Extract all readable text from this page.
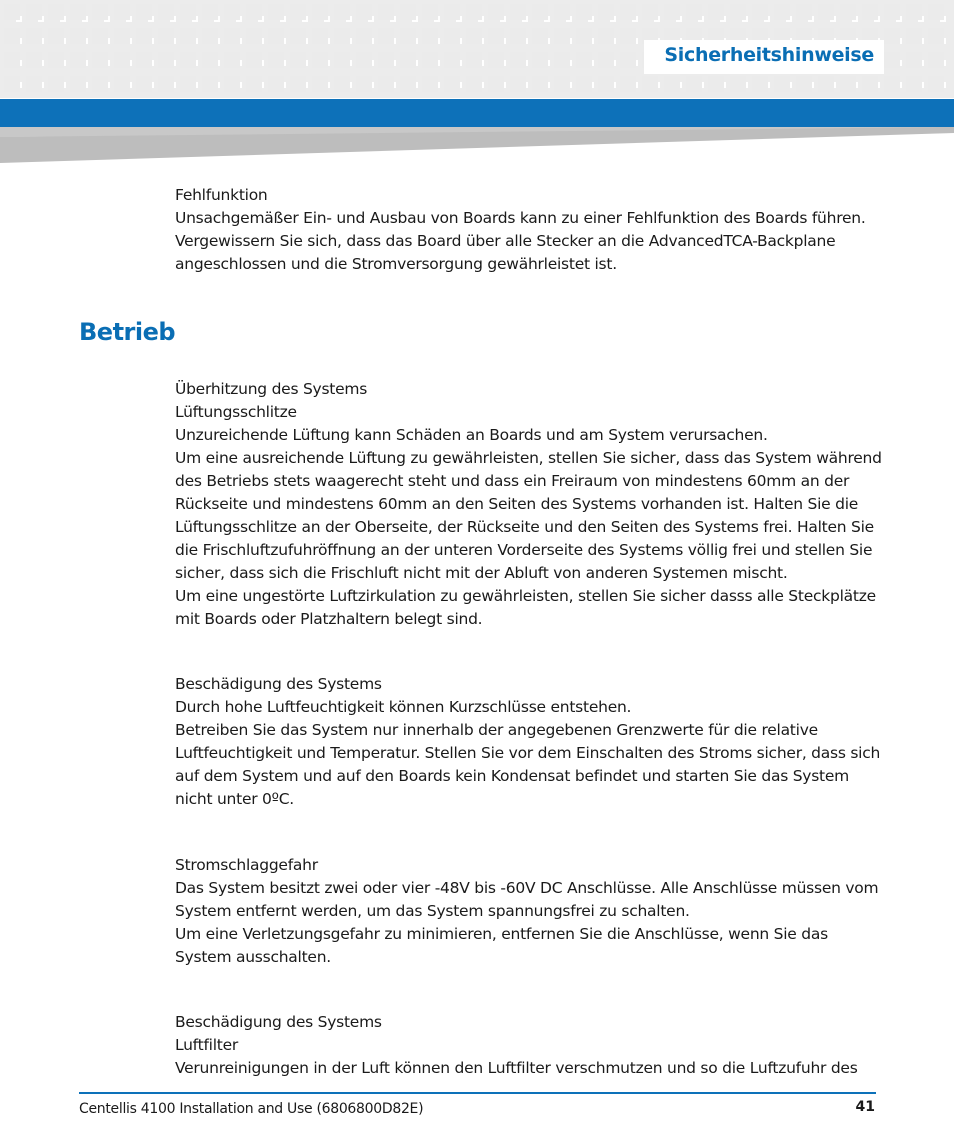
Sicherheitshinweise

Fehlfunktion

Unsachgemäßer Ein- und Ausbau von Boards kann zu einer Fehlfunktion des Boards führen. Vergewissern Sie sich, dass das Board über alle Stecker an die AdvancedTCA-Backplane angeschlossen und die Stromversorgung gewährleistet ist.

Betrieb

Überhitzung des Systems

Lüftungsschlitze

Unzureichende Lüftung kann Schäden an Boards und am System verursachen.

Um eine ausreichende Lüftung zu gewährleisten, stellen Sie sicher, dass das System während des Betriebs stets waagerecht steht und dass ein Freiraum von mindestens 60mm an der Rückseite und mindestens 60mm an den Seiten des Systems vorhanden ist. Halten Sie die Lüftungsschlitze an der Oberseite, der Rückseite und den Seiten des Systems frei. Halten Sie die Frischluftzufuhröffnung an der unteren Vorderseite des Systems völlig frei und stellen Sie sicher, dass sich die Frischluft nicht mit der Abluft von anderen Systemen mischt.

Um eine ungestörte Luftzirkulation zu gewährleisten, stellen Sie sicher dasss alle Steckplätze mit Boards oder Platzhaltern belegt sind.

Beschädigung des Systems

Durch hohe Luftfeuchtigkeit können Kurzschlüsse entstehen.

Betreiben Sie das System nur innerhalb der angegebenen Grenzwerte für die relative Luftfeuchtigkeit und Temperatur. Stellen Sie vor dem Einschalten des Stroms sicher, dass sich auf dem System und auf den Boards kein Kondensat befindet und starten Sie das System nicht unter 0ºC.

Stromschlaggefahr

Das System besitzt zwei oder vier -48V bis -60V DC Anschlüsse. Alle Anschlüsse müssen vom System entfernt werden, um das System spannungsfrei zu schalten.

Um eine Verletzungsgefahr zu minimieren, entfernen Sie die Anschlüsse, wenn Sie das System ausschalten.

Beschädigung des Systems

Luftfilter

Verunreinigungen in der Luft können den Luftfilter verschmutzen und so die Luftzufuhr des

Centellis 4100 Installation and Use (6806800D82E)	41
